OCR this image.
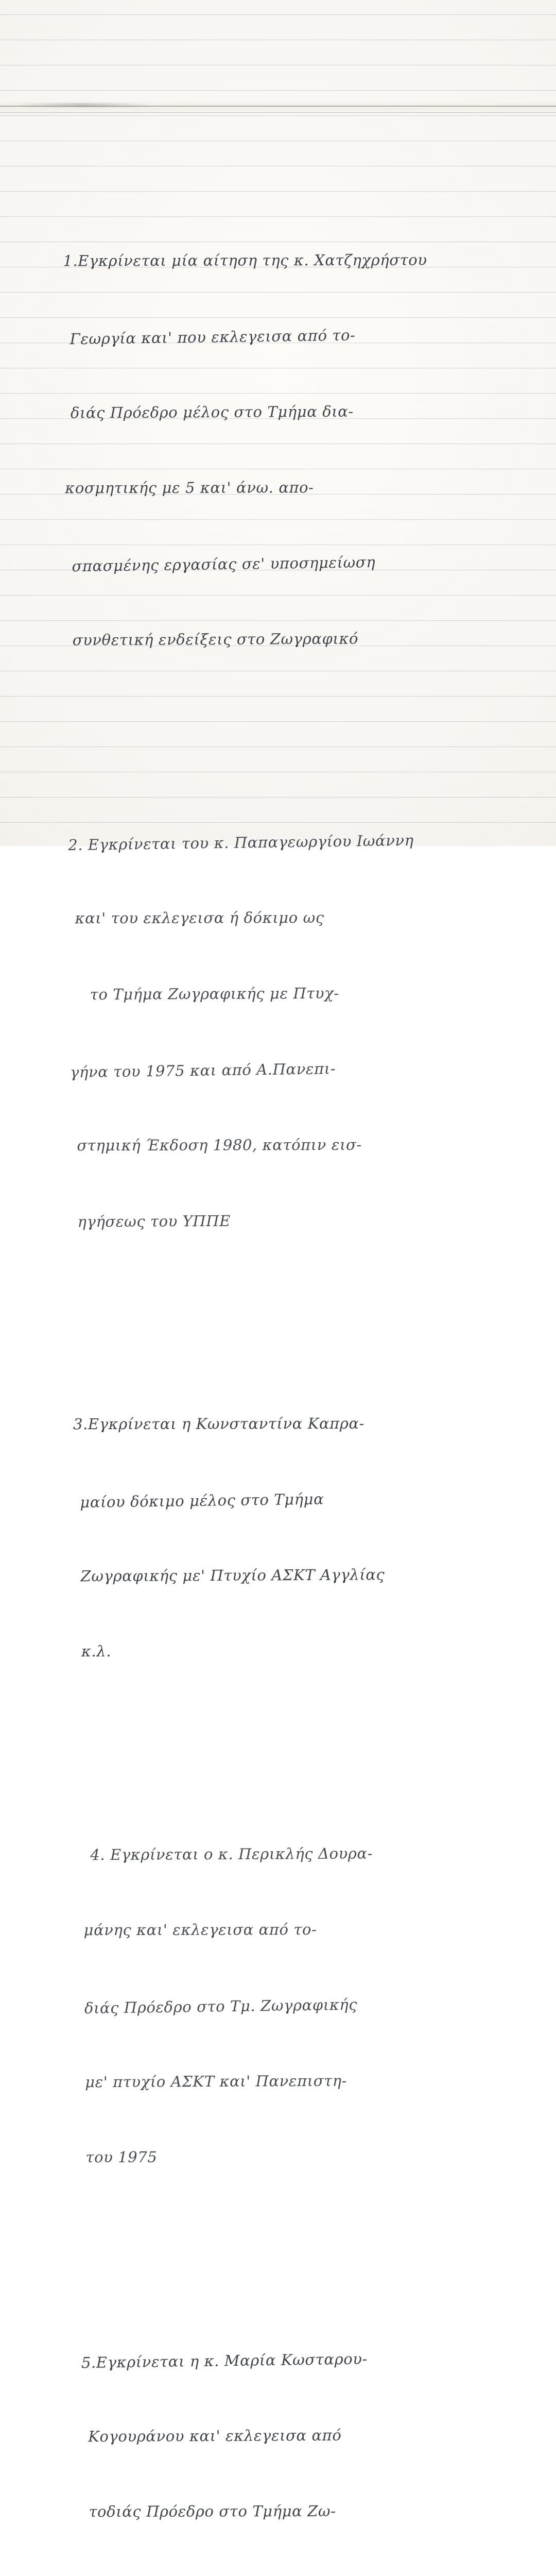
1.Εγκρίνεται μία αίτηση της κ. Χατζηχρήστου

Γεωργία και' που εκλεγεισα από το-

διάς Πρόεδρο μέλος στο Τμήμα δια-

κοσμητικής με 5 και' άνω. απο-

σπασμένης εργασίας σε' υποσημείωση

συνθετική ενδείξεις στο Ζωγραφικό

2. Εγκρίνεται του κ. Παπαγεωργίου Ιωάννη

και' του εκλεγεισα ή δόκιμο ως

το Τμήμα Ζωγραφικής με Πτυχ-

γήνα του 1975 και από Α.Πανεπι-

στημική Έκδοση 1980, κατόπιν εισ-

ηγήσεως του ΥΠΠΕ

3.Εγκρίνεται η Κωνσταντίνα Καπρα-

μαίου δόκιμο μέλος στο Τμήμα

Ζωγραφικής με' Πτυχίο ΑΣΚΤ Αγγλίας

κ.λ.

4. Εγκρίνεται ο κ. Περικλής Δουρα-

μάνης και' εκλεγεισα από το-

διάς Πρόεδρο στο Τμ. Ζωγραφικής

με' πτυχίο ΑΣΚΤ και' Πανεπιστη-

του 1975

5.Εγκρίνεται η κ. Μαρία Κωσταρου-

Κογουράνου και' εκλεγεισα από

τοδιάς Πρόεδρο στο Τμήμα Ζω-
